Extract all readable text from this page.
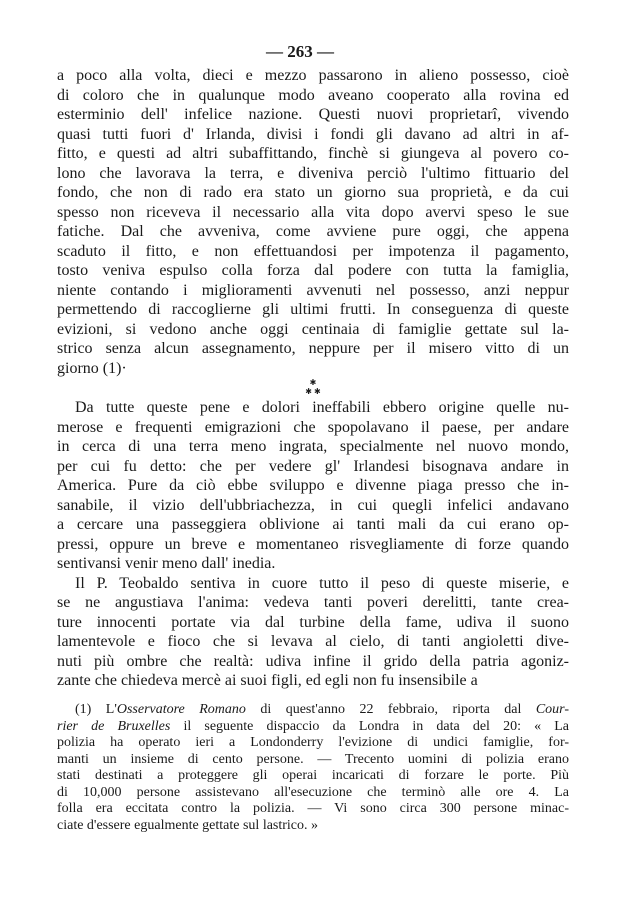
— 263 —
a poco alla volta, dieci e mezzo passarono in alieno possesso, cioè
di coloro che in qualunque modo aveano cooperato alla rovina ed
esterminio dell' infelice nazione. Questi nuovi proprietarî, vivendo
quasi tutti fuori d' Irlanda, divisi i fondi gli davano ad altri in af-
fitto, e questi ad altri subaffittando, finchè si giungeva al povero co-
lono che lavorava la terra, e diveniva perciò l'ultimo fittuario del
fondo, che non di rado era stato un giorno sua proprietà, e da cui
spesso non riceveva il necessario alla vita dopo avervi speso le sue
fatiche. Dal che avveniva, come avviene pure oggi, che appena
scaduto il fitto, e non effettuandosi per impotenza il pagamento,
tosto veniva espulso colla forza dal podere con tutta la famiglia,
niente contando i miglioramenti avvenuti nel possesso, anzi neppur
permettendo di raccoglierne gli ultimi frutti. In conseguenza di queste
evizioni, si vedono anche oggi centinaia di famiglie gettate sul la-
strico senza alcun assegnamento, neppure per il misero vitto di un
giorno (1)·
✱
✱ ✱
Da tutte queste pene e dolori ineffabili ebbero origine quelle nu-
merose e frequenti emigrazioni che spopolavano il paese, per andare
in cerca di una terra meno ingrata, specialmente nel nuovo mondo,
per cui fu detto: che per vedere gl' Irlandesi bisognava andare in
America. Pure da ciò ebbe sviluppo e divenne piaga presso che in-
sanabile, il vizio dell'ubbriachezza, in cui quegli infelici andavano
a cercare una passeggiera oblivione ai tanti mali da cui erano op-
pressi, oppure un breve e momentaneo risvegliamente di forze quando
sentivansi venir meno dall' inedia.
Il P. Teobaldo sentiva in cuore tutto il peso di queste miserie, e
se ne angustiava l'anima: vedeva tanti poveri derelitti, tante crea-
ture innocenti portate via dal turbine della fame, udiva il suono
lamentevole e fioco che si levava al cielo, di tanti angioletti dive-
nuti più ombre che realtà: udiva infine il grido della patria agoniz-
zante che chiedeva mercè ai suoi figli, ed egli non fu insensibile a
(1) L'Osservatore Romano di quest'anno 22 febbraio, riporta dal Cour-
rier de Bruxelles il seguente dispaccio da Londra in data del 20: « La
polizia ha operato ieri a Londonderry l'evizione di undici famiglie, for-
manti un insieme di cento persone. — Trecento uomini di polizia erano
stati destinati a proteggere gli operai incaricati di forzare le porte. Più
di 10,000 persone assistevano all'esecuzione che terminò alle ore 4. La
folla era eccitata contro la polizia. — Vi sono circa 300 persone minac-
ciate d'essere egualmente gettate sul lastrico. »
